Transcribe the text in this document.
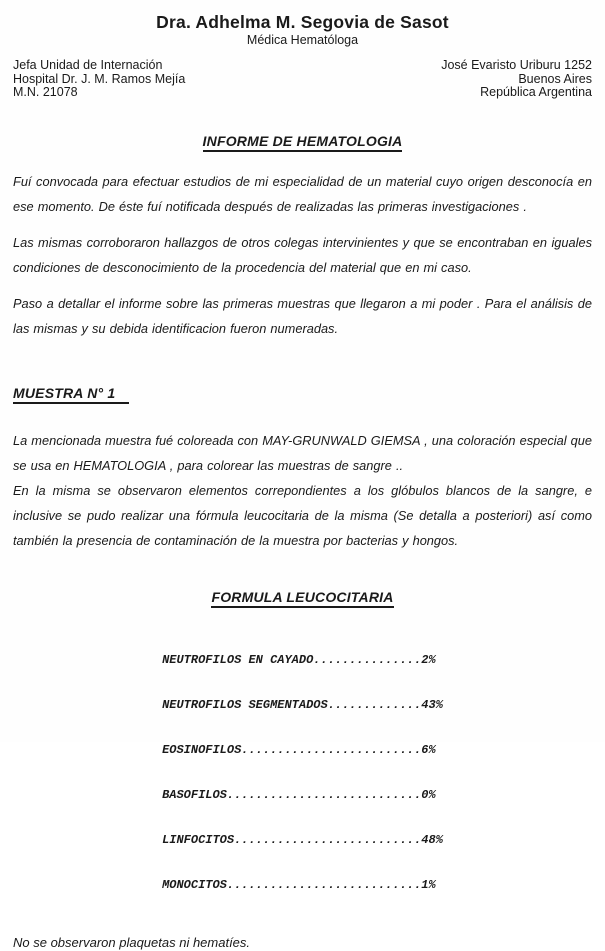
Dra. Adhelma M. Segovia de Sasot
Médica Hematóloga
Jefa Unidad de Internación
Hospital Dr. J. M. Ramos Mejía
M.N. 21078
José Evaristo Uriburu 1252
Buenos Aires
República Argentina
INFORME DE HEMATOLOGIA

Fuí convocada para efectuar estudios de mi especialidad de un material cuyo origen desconocía en ese momento. De éste fuí notificada después de realizadas las primeras investigaciones .

Las mismas corroboraron hallazgos de otros colegas intervinientes y que se encontraban en iguales condiciones de desconocimiento de la procedencia del material que en mi caso.

Paso a detallar el informe sobre las primeras muestras que llegaron a mi poder . Para el análisis de las mismas y su debida identificacion fueron numeradas.

MUESTRA N° 1

La mencionada muestra fué coloreada con MAY-GRUNWALD GIEMSA , una coloración especial que se usa en HEMATOLOGIA , para colorear las muestras de sangre ..

En la misma se observaron elementos correpondientes a los glóbulos blancos de la sangre, e inclusive se pudo realizar una fórmula leucocitaria de la misma (Se detalla a posteriori) así como también la presencia de contaminación de la muestra por bacterias y hongos.

FORMULA LEUCOCITARIA

NEUTROFILOS EN CAYADO...............2%

NEUTROFILOS SEGMENTADOS.............43%

EOSINOFILOS.........................6%

BASOFILOS...........................0%

LINFOCITOS..........................48%

MONOCITOS...........................1%

No se observaron plaquetas ni hematíes.
